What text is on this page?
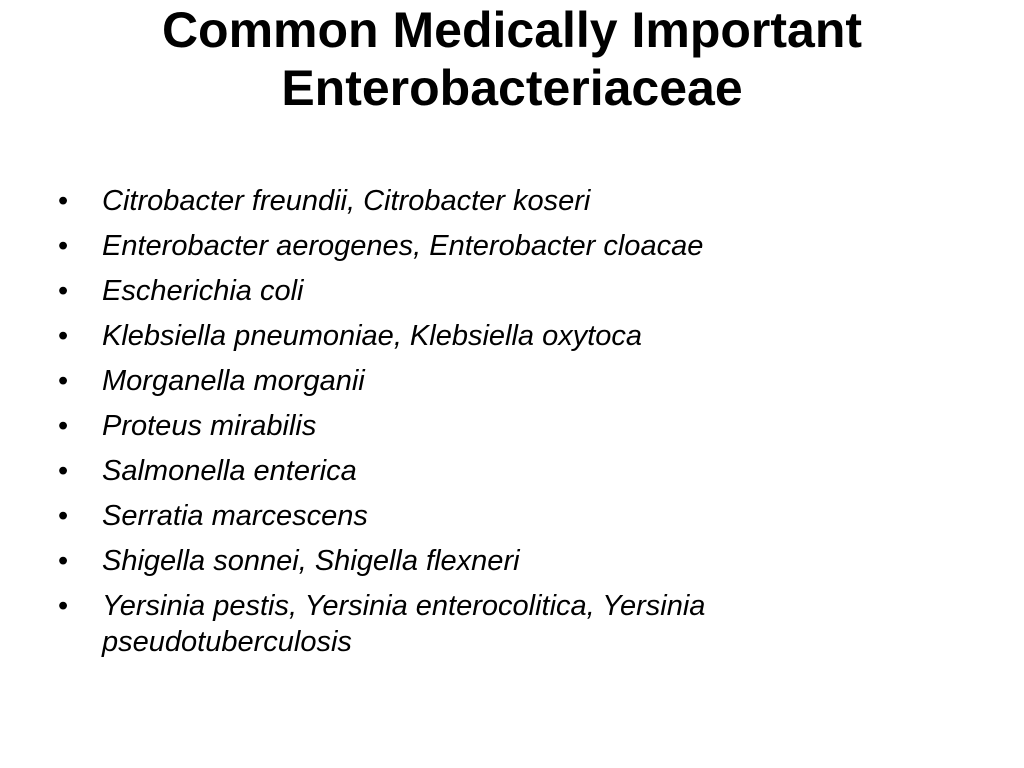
Common Medically Important
Enterobacteriaceae
•	Citrobacter freundii, Citrobacter koseri
•	Enterobacter aerogenes, Enterobacter cloacae
•	Escherichia coli
•	Klebsiella pneumoniae, Klebsiella oxytoca
•	Morganella morganii
•	Proteus mirabilis
•	Salmonella enterica
•	Serratia marcescens
•	Shigella sonnei, Shigella flexneri
•	Yersinia pestis, Yersinia enterocolitica, Yersinia pseudotuberculosis
